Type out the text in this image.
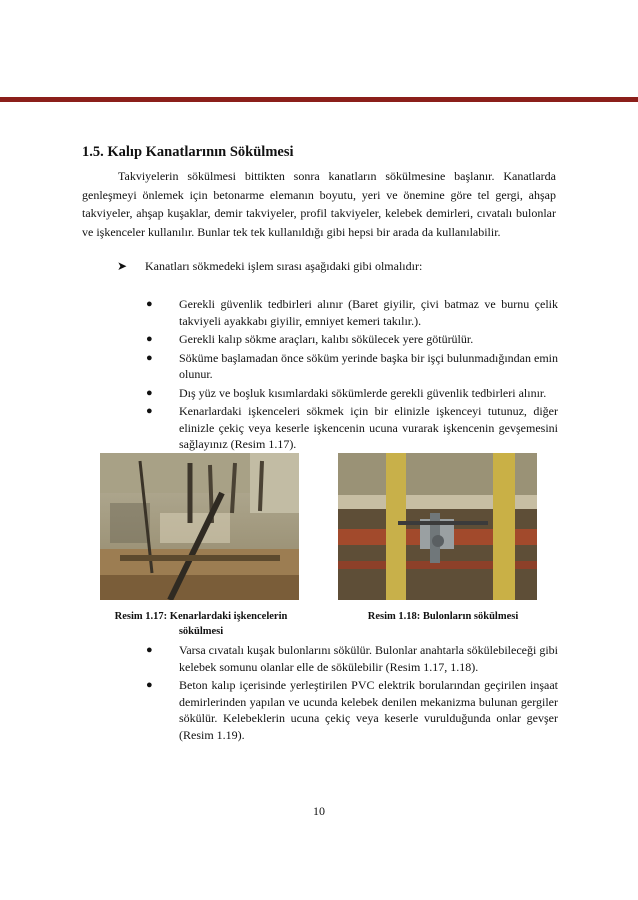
1.5. Kalıp Kanatlarının Sökülmesi

Takviyelerin sökülmesi bittikten sonra kanatların sökülmesine başlanır. Kanatlarda genleşmeyi önlemek için betonarme elemanın boyutu, yeri ve önemine göre tel gergi, ahşap takviyeler, ahşap kuşaklar, demir takviyeler, profil takviyeler, kelebek demirleri, cıvatalı bulonlar ve işkenceler kullanılır. Bunlar tek tek kullanıldığı gibi hepsi bir arada da kullanılabilir.

➤ Kanatları sökmedeki işlem sırası aşağıdaki gibi olmalıdır:
● Gerekli güvenlik tedbirleri alınır (Baret giyilir, çivi batmaz ve burnu çelik takviyeli ayakkabı giyilir, emniyet kemeri takılır.).
● Gerekli kalıp sökme araçları, kalıbı sökülecek yere götürülür.
● Söküme başlamadan önce söküm yerinde başka bir işçi bulunmadığından emin olunur.
● Dış yüz ve boşluk kısımlardaki sökümlerde gerekli güvenlik tedbirleri alınır.
● Kenarlardaki işkenceleri sökmek için bir elinizle işkenceyi tutunuz, diğer elinizle çekiç veya keserle işkencenin ucuna vurarak işkencenin gevşemesini sağlayınız (Resim 1.17).
Resim 1.17: Kenarlardaki işkencelerin sökülmesi
Resim 1.18: Bulonların sökülmesi
● Varsa cıvatalı kuşak bulonlarını sökülür. Bulonlar anahtarla sökülebileceği gibi kelebek somunu olanlar elle de sökülebilir (Resim 1.17, 1.18).
● Beton kalıp içerisinde yerleştirilen PVC elektrik borularından geçirilen inşaat demirlerinden yapılan ve ucunda kelebek denilen mekanizma bulunan gergiler sökülür. Kelebeklerin ucuna çekiç veya keserle vurulduğunda onlar gevşer (Resim 1.19).
10
